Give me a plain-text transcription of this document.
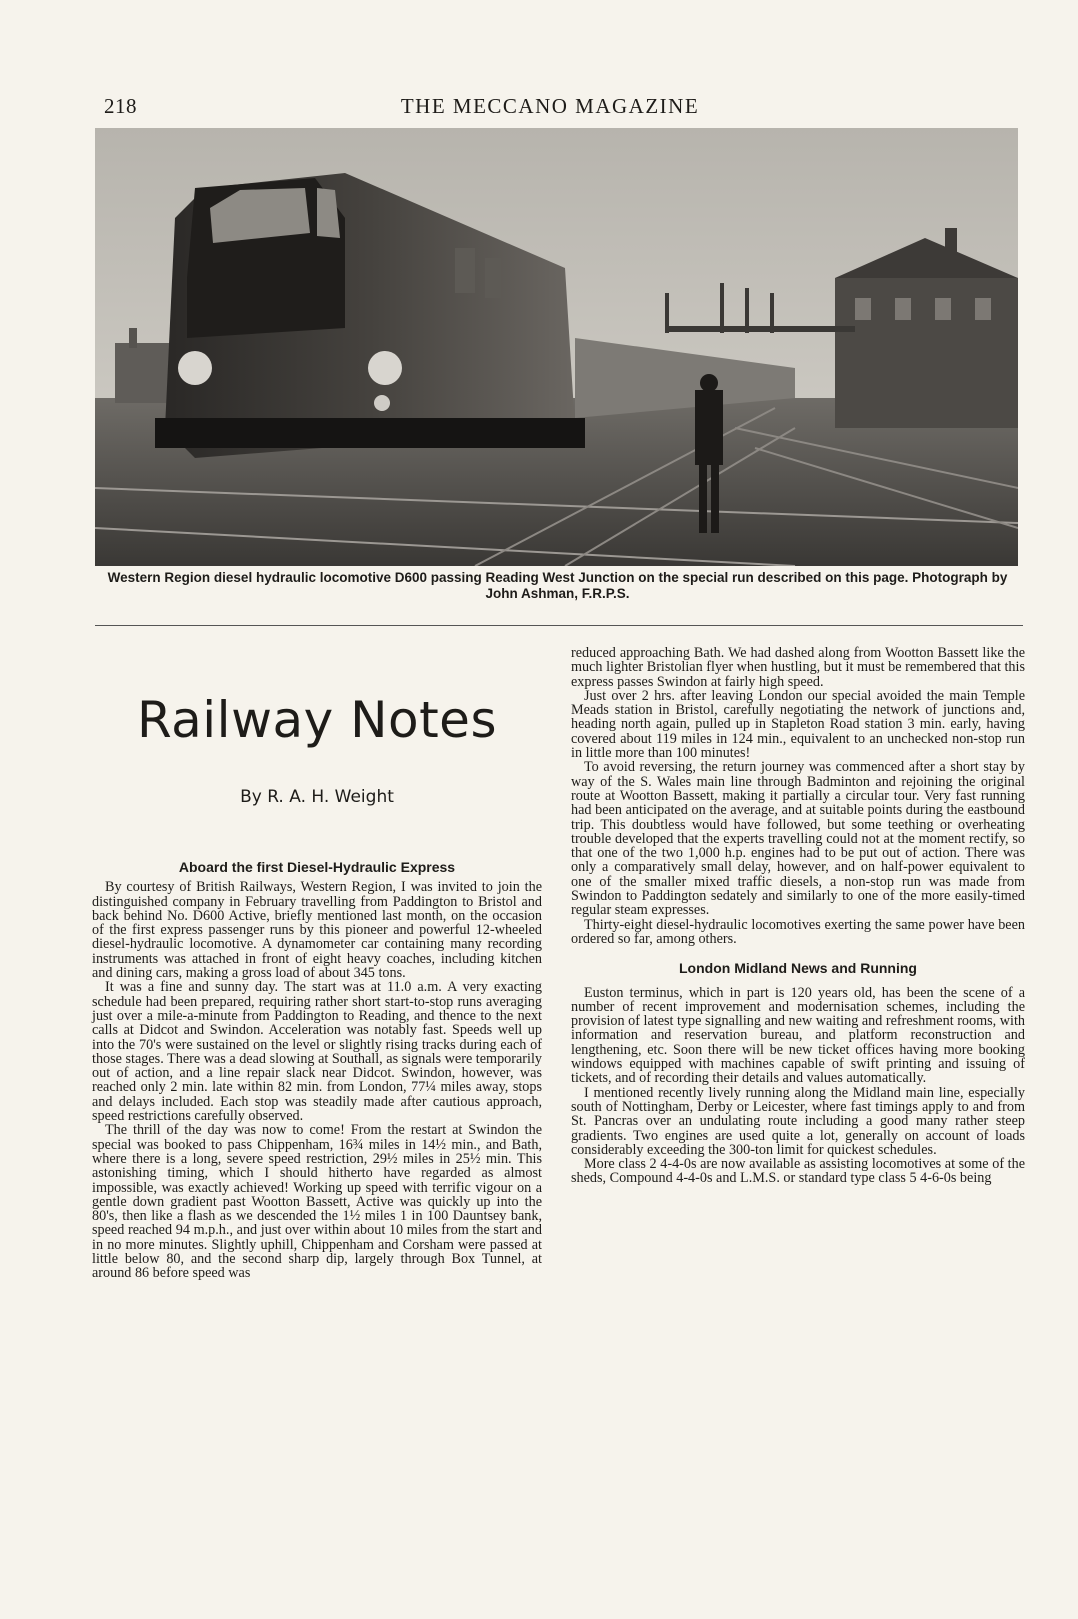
218	THE MECCANO MAGAZINE
Western Region diesel hydraulic locomotive D600 passing Reading West Junction on the special run described on this page. Photograph by John Ashman, F.R.P.S.
Railway Notes
By R. A. H. Weight
Aboard the first Diesel-Hydraulic Express

By courtesy of British Railways, Western Region, I was invited to join the distinguished company in February travelling from Paddington to Bristol and back behind No. D600 Active, briefly mentioned last month, on the occasion of the first express passenger runs by this pioneer and powerful 12-wheeled diesel-hydraulic locomotive. A dynamometer car containing many recording instruments was attached in front of eight heavy coaches, including kitchen and dining cars, making a gross load of about 345 tons.

It was a fine and sunny day. The start was at 11.0 a.m. A very exacting schedule had been prepared, requiring rather short start-to-stop runs averaging just over a mile-a-minute from Paddington to Reading, and thence to the next calls at Didcot and Swindon. Acceleration was notably fast. Speeds well up into the 70's were sustained on the level or slightly rising tracks during each of those stages. There was a dead slowing at Southall, as signals were temporarily out of action, and a line repair slack near Didcot. Swindon, however, was reached only 2 min. late within 82 min. from London, 77¼ miles away, stops and delays included. Each stop was steadily made after cautious approach, speed restrictions carefully observed.

The thrill of the day was now to come! From the restart at Swindon the special was booked to pass Chippenham, 16¾ miles in 14½ min., and Bath, where there is a long, severe speed restriction, 29½ miles in 25½ min. This astonishing timing, which I should hitherto have regarded as almost impossible, was exactly achieved! Working up speed with terrific vigour on a gentle down gradient past Wootton Bassett, Active was quickly up into the 80's, then like a flash as we descended the 1½ miles 1 in 100 Dauntsey bank, speed reached 94 m.p.h., and just over within about 10 miles from the start and in no more minutes. Slightly uphill, Chippenham and Corsham were passed at little below 80, and the second sharp dip, largely through Box Tunnel, at around 86 before speed was

reduced approaching Bath. We had dashed along from Wootton Bassett like the much lighter Bristolian flyer when hustling, but it must be remembered that this express passes Swindon at fairly high speed.

Just over 2 hrs. after leaving London our special avoided the main Temple Meads station in Bristol, carefully negotiating the network of junctions and, heading north again, pulled up in Stapleton Road station 3 min. early, having covered about 119 miles in 124 min., equivalent to an unchecked non-stop run in little more than 100 minutes!

To avoid reversing, the return journey was commenced after a short stay by way of the S. Wales main line through Badminton and rejoining the original route at Wootton Bassett, making it partially a circular tour. Very fast running had been anticipated on the average, and at suitable points during the eastbound trip. This doubtless would have followed, but some teething or overheating trouble developed that the experts travelling could not at the moment rectify, so that one of the two 1,000 h.p. engines had to be put out of action. There was only a comparatively small delay, however, and on half-power equivalent to one of the smaller mixed traffic diesels, a non-stop run was made from Swindon to Paddington sedately and similarly to one of the more easily-timed regular steam expresses.

Thirty-eight diesel-hydraulic locomotives exerting the same power have been ordered so far, among others.

London Midland News and Running

Euston terminus, which in part is 120 years old, has been the scene of a number of recent improvement and modernisation schemes, including the provision of latest type signalling and new waiting and refreshment rooms, with information and reservation bureau, and platform reconstruction and lengthening, etc. Soon there will be new ticket offices having more booking windows equipped with machines capable of swift printing and issuing of tickets, and of recording their details and values automatically.

I mentioned recently lively running along the Midland main line, especially south of Nottingham, Derby or Leicester, where fast timings apply to and from St. Pancras over an undulating route including a good many rather steep gradients. Two engines are used quite a lot, generally on account of loads considerably exceeding the 300-ton limit for quickest schedules.

More class 2 4-4-0s are now available as assisting locomotives at some of the sheds, Compound 4-4-0s and L.M.S. or standard type class 5 4-6-0s being
